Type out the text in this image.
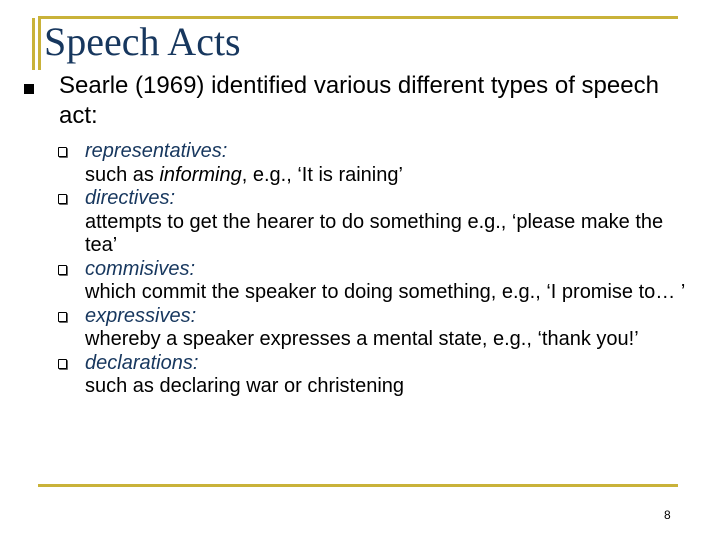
Speech Acts

Searle (1969) identified various different types of speech act:

representatives:
such as informing, e.g., ‘It is raining’
directives:
attempts to get the hearer to do something e.g., ‘please make the tea’
commisives:
which commit the speaker to doing something, e.g., ‘I promise to… ’
expressives:
whereby a speaker expresses a mental state, e.g., ‘thank you!’
declarations:
such as declaring war or christening
8
